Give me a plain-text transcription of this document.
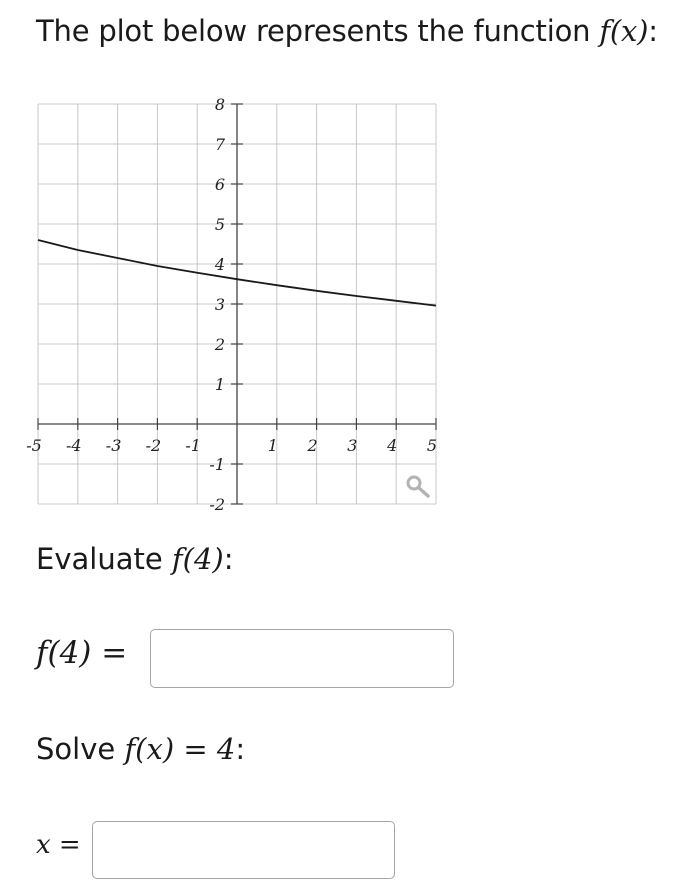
The plot below represents the function f(x):
-5 -4 -3 -2 -1	1 2 3 4 5
8
7
6
5
4
3
2
1
-1
-2
Evaluate f(4):
f(4) =
Solve f(x) = 4:
x =
